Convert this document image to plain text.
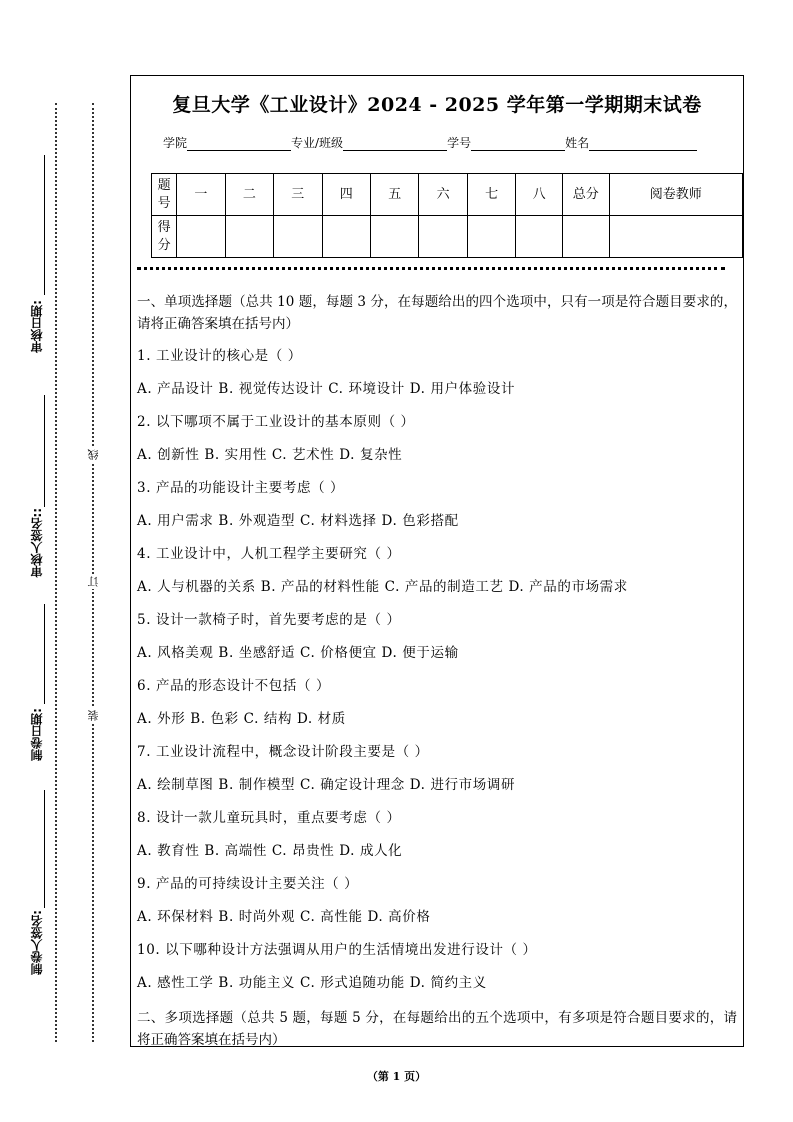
审核日期:
审核人签名::
制卷日期:
制卷人签名:
线
订
装
复旦大学《工业设计》2024 - 2025 学年第一学期期末试卷
学院	专业/班级	学号	姓名
题号	一	二	三	四	五	六	七	八	总分	阅卷教师
得分										
一、单项选择题（总共 10 题，每题 3 分，在每题给出的四个选项中，只有一项是符合题目要求的，请将正确答案填在括号内）
1. 工业设计的核心是（ ）
A. 产品设计 B. 视觉传达设计 C. 环境设计 D. 用户体验设计
2. 以下哪项不属于工业设计的基本原则（ ）
A. 创新性 B. 实用性 C. 艺术性 D. 复杂性
3. 产品的功能设计主要考虑（ ）
A. 用户需求 B. 外观造型 C. 材料选择 D. 色彩搭配
4. 工业设计中，人机工程学主要研究（ ）
A. 人与机器的关系 B. 产品的材料性能 C. 产品的制造工艺 D. 产品的市场需求
5. 设计一款椅子时，首先要考虑的是（ ）
A. 风格美观 B. 坐感舒适 C. 价格便宜 D. 便于运输
6. 产品的形态设计不包括（ ）
A. 外形 B. 色彩 C. 结构 D. 材质
7. 工业设计流程中，概念设计阶段主要是（ ）
A. 绘制草图 B. 制作模型 C. 确定设计理念 D. 进行市场调研
8. 设计一款儿童玩具时，重点要考虑（ ）
A. 教育性 B. 高端性 C. 昂贵性 D. 成人化
9. 产品的可持续设计主要关注（ ）
A. 环保材料 B. 时尚外观 C. 高性能 D. 高价格
10. 以下哪种设计方法强调从用户的生活情境出发进行设计（ ）
A. 感性工学 B. 功能主义 C. 形式追随功能 D. 简约主义
二、多项选择题（总共 5 题，每题 5 分，在每题给出的五个选项中，有多项是符合题目要求的，请将正确答案填在括号内）
（第 1 页）
